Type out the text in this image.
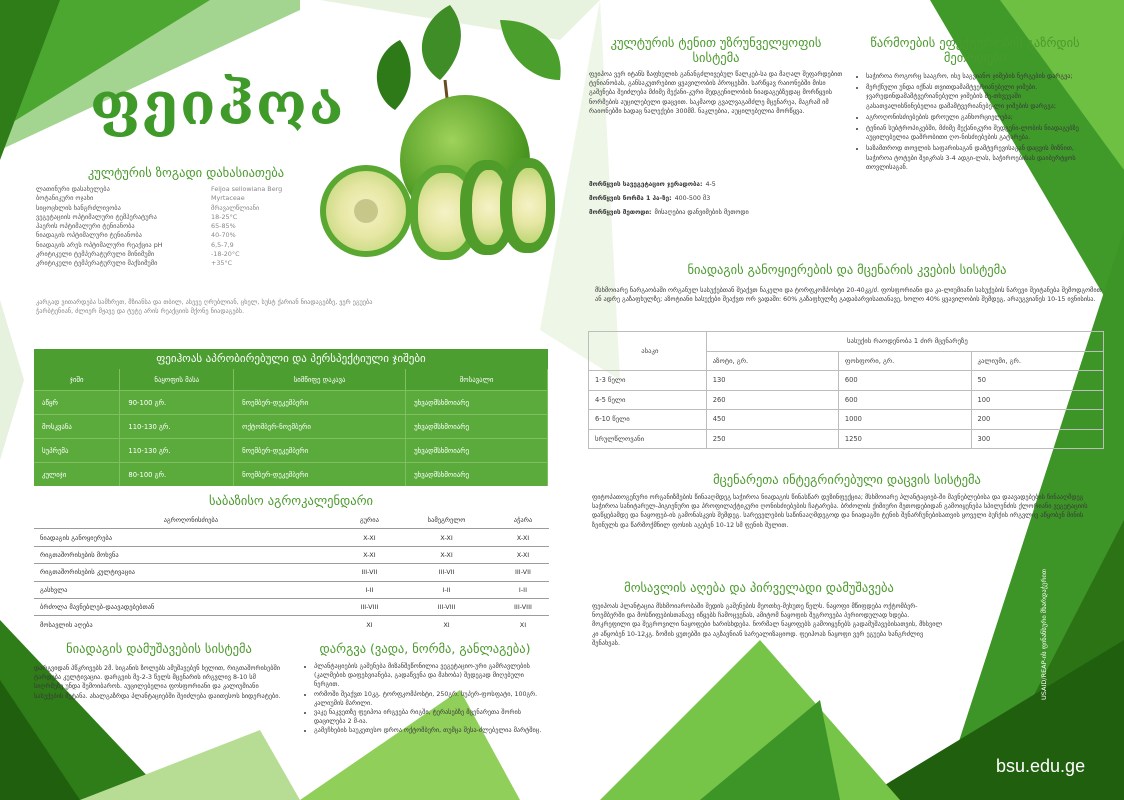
ფეიჰოა
კულტურის ზოგადი დახასიათება
ლათინური დასახელება	Feijoa sellowiana Berg
ბოტანიკური ოჯახი	Myrtaceae
სიცოცხლის ხანგრძლივობა	მრავალწლიანი
ვეგეტაციის ოპტიმალური ტემპერატურა	18-25°C
ჰაერის ოპტიმალური ტენიანობა	65-85%
ნიადაგის ოპტიმალური ტენიანობა	40-70%
ნიადაგის არეს ოპტიმალური რეაქცია pH	6,5-7,9
კრიტიკული ტემპერატურული მინიმუმი	-18-20°C
კრიტიკული ტემპერატურული მაქსიმუმი	+35°C
კარგად ვითარდება სამხრეთ, მზიანსა და თბილ, ასევე ღრუბლიან, ცხელ, სუსტ ქარიან ნიადაგებზე, ვერ ეგუება ჭარბტენიან, ძლიერ მჟავე და ტუტე არის რეაქციის მქონე ნიადაგებს.
ფეიჰოას აპრობირებული და პერსპექტიული ჯიშები
ჯიში	ნაყოფის მასა	სიმწიფე დაკავა	მოსავალი
აწყრ	90-100 გრ.	ნოემბერ-დეკემბერი	უხვადმსხმოიარე
მოსკვანა	110-130 გრ.	ოქტომბერ-ნოემბერი	უხვადმსხმოიარე
სუპრემა	110-130 გრ.	ნოემბერ-დეკემბერი	უხვადმსხმოიარე
კულიჯი	80-100 გრ.	ნოემბერ-დეკემბერი	უხვადმსხმოიარე
საბაზისო აგროკალენდარი
აგროღონისძიება	გურია	სამეგრელო	აჭარა
ნიადაგის განოყიერება	X-XI	X-XI	X-XI
რიგთაშორისების მოხვნა	X-XI	X-XI	X-XI
რიგთაშორისების კულტივაცია	III-VII	III-VII	III-VII
გასხვლა	I-II	I-II	I-II
ბრძოლა მავნებლებ-დაავადებებთან	III-VIII	III-VIII	III-VIII
მოსავლის აღება	XI	XI	XI
ნიადაგის დამუშავების სისტემა
დარგვიდან პწკრივებს 2მ. სიგანის ზოლებს ამუშავებენ ხელით, რიგთაშორისებში ტარდება კულტივაცია. დარგვის მე-2-3 წელს მცენარის ირგვლივ 8-10 სმ სიღრმეზე უნდა შემოიბაროს. აუცილებელია ფოსფორიანი და კალიუმიანი სასუქების შეტანა. ახალგაზრდა პლანტაციებში შეიძლება დაითესოს სიდერატები.
დარგვა (ვადა, ნორმა, განლაგება)
• პლანტაციების გაშენება მიზანშეწონილია ვეგეტაციო-ური გამრავლების (კალმების დაფესვიანება, გადაწვენა და მახობა) შედეგად მიღებული ნერგით.
• ორმოში შეაქვთ 10კგ. ტორფკომპოსტი, 250გრ. სუპერ-ფოსფატი, 100გრ. კალიუმის მარილი.
• ვაკე ნაკვეთზე ფეიჰოა ირგვება რიგში, ტერასებზე მცენარეთა შორის დაცილება 2 მ-ია.
• გამეჩხების საუკეთესო დროა ოქტომბერი, თუმცა შესა-ძლებელია მარტშიც.
კულტურის ტენით უზრუნველყოფის სისტემა
ფეიჰოა ვერ იტანს ზაფხულის განანგძლივებულ წალკებ-სა და მაღალ შეფარდებით ტენიანობას, განსაკუთრებით ყვავილობის პროცესში. სარწყავ რაიონებში მისი გაშენება შეიძლება მძიმე მექანი-კური შედგენილობის ნიადაგებზედაც მორწყვის ნორმების აუცილებელი დაცვით. საკმაოდ გვალვაგამძლე მცენარეა, მაგრამ იმ რაიონებში სადაც ნალექები 300მმ. ნაკლებია, აუცილებელია მორწყვა.
მორწყვის სავეგეტაციო ჯერადობა: 4-5
მორწყვის ნორმა 1 ჰა-ზე: 400-500 მ3
მორწყვის მეთოდი: მისაღებია დანვიმების მეთოდი
წარმოების ეფექტურობის გაზრდის მეთოდები
• საჭიროა როგორც სააგრო, ისე საგვიანო ჯიშების ნერგების დარგვა;
• მერქნული უნდა იქნას თვითდამამტვერიანებელი ჯიშები. ჯვარედინდამამტვერიანებელი ჯიშების შე-თხვევაში გასათვალისწინებელია დამამტვერიანებე-ლი ჯიშების დარგვა;
• აგროღონისძიებების დროული განხორციელება;
• ტენიან სუბტროპიკებში, მძიმე მექანიკური შედგენი-ლობის ნიადაგებზე აუცილებელია დაშრობითი ღო-ნისძიებების გატარება.
• საზამთროდ თოვლის საფარისაგან დამტვრევისაგან დაცვის მიზნით, საჭიროა ტოტები შეიკრას 3-4 ადგი-ლას, საჭიროებისას დაიბერტყოს თოვლისაგან.
ნიადაგის განოყიერების და მცენარის კვების სისტემა
მსხმოიარე ნარგაობაში ორგანულ სასუქებთან შეაქვთ ნაკელი და ტორფკომპოსტი 20-40კგ/ძ. ფოსფორიანი და კა-ლიუმიანი სასუქების ნარევი შეიტანება შემოდგომით ან ადრე გაზაფხულზე; აზოტიანი სასუქები შეაქვთ ორ ვადაში: 60% გაზაფხულზე გადაბარვისათანავე, ხოლო 40% ყვავილობის შემდეგ, არაუგვიანეს 10-15 ივნისისა.
ასაკი	სასუქის რაოდენობა 1 ძირ მცენარეზე		
	აზოტი, გრ.	ფოსფორი, გრ.	კალიუმი, გრ.
1-3 წელი	130	600	50
4-5 წელი	260	600	100
6-10 წელი	450	1000	200
სრულწლოვანი	250	1250	300
მცენარეთა ინტეგრირებული დაცვის სისტემა
ფიტოპათოგენური ორგანიზმების წინააღმდეგ საჭიროა ნიადაგის წინასწარ დეზინფექცია; მსხმოიარე პლანტაციებ-ში მავნებლებისა და დაავადებების წინააღმდეგ საჭიროა სანიტარულ-ჰიგიენური და პროფილაქტიკური ღონისძიებების ჩატარება. ბრძოლის ქიმიური მეთოდებიდან გამოიყენება სპილენძის ქლორიანი ვეგეტაციის დაწყებამდე და ნაყოფებ-ის გამონასკვის შემდეგ. სარეველების საწინააღმდეგოდ და ნიადაგში ტენის შენარჩუნებისათვის ყოველი ბუჩქის ირგვლივ აწყობენ მინის ზეინულს და წარმოქმნილ ფოსის აგებენ 10-12 სმ ფენის შულით.
მოსავლის აღება და პირველადი დამუშავება
ფეიჰოას პლანტაცია მსხმოიარობაში შედის გაშენების მეოთხე-მეხუთე წელს. ნაყოფი მწიფდება ოქტომბერ-ნოემბერში და მოსწიფებისთანავე იწყებს ჩამოცვენას, ამიტომ ნაყოფის შეგროვება პერიოდულად ხდება. მოკრეფილი და შეგროვილი ნაყოფები ხარისხდება. ნორმალ ნაყოფებს გამოიყენებს გადამუშავებისათვის, მხსვილ კი აწყობენ 10-12კგ. ზომის ყუთებში და აგზავნიან სარეალიზაციოდ. ფეიჰოას ნაყოფი ვერ ეგუება ხანგრძლივ შენახვას.
bsu.edu.ge
USAID/REAP-ის ფინანსური მხარდაჭერით
